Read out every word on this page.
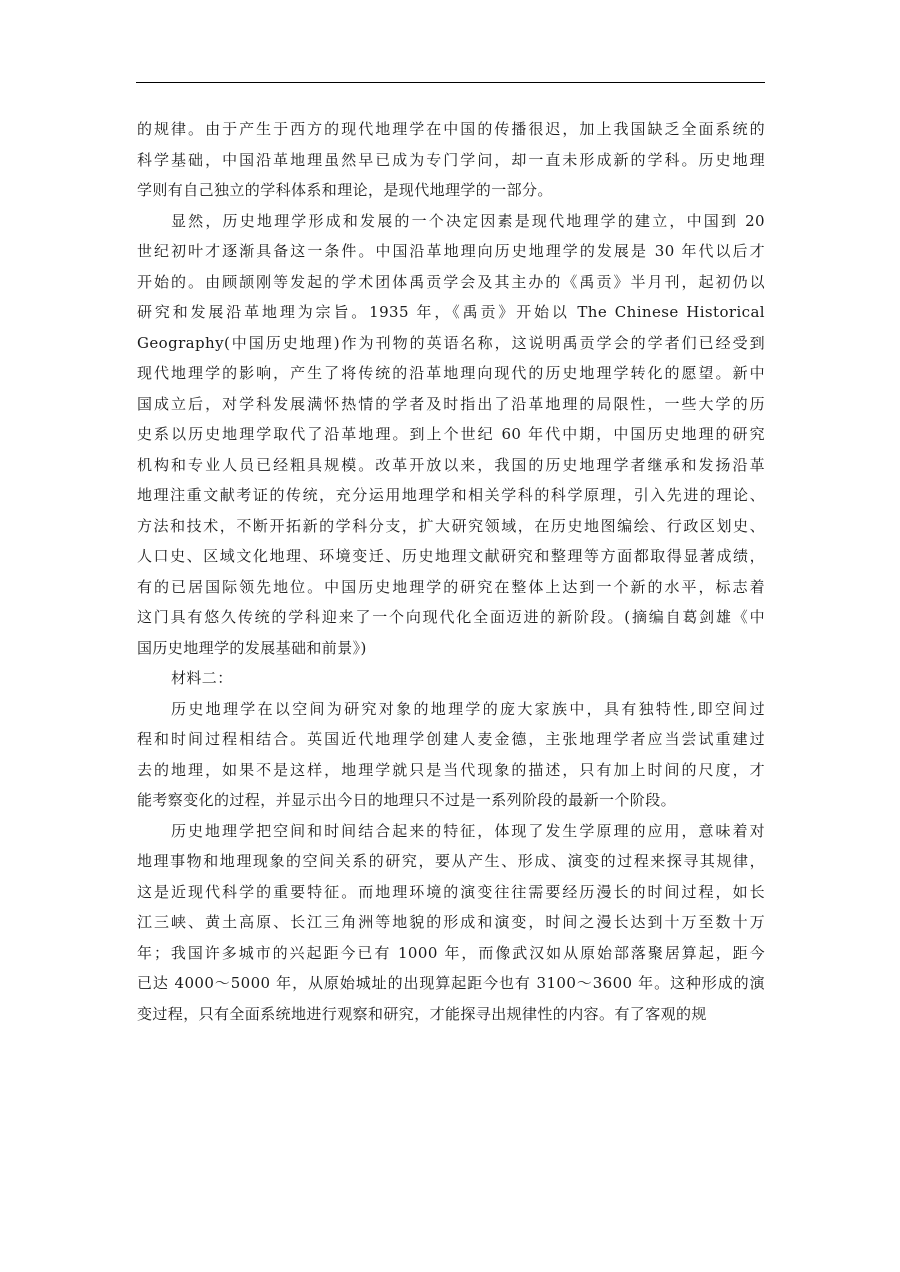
的规律。由于产生于西方的现代地理学在中国的传播很迟，加上我国缺乏全面系统的
科学基础，中国沿革地理虽然早已成为专门学问，却一直未形成新的学科。历史地理
学则有自己独立的学科体系和理论，是现代地理学的一部分。
显然，历史地理学形成和发展的一个决定因素是现代地理学的建立，中国到 20
世纪初叶才逐渐具备这一条件。中国沿革地理向历史地理学的发展是 30 年代以后才
开始的。由顾颉刚等发起的学术团体禹贡学会及其主办的《禹贡》半月刊，起初仍以
研究和发展沿革地理为宗旨。1935 年，《禹贡》开始以 The Chinese Historical
Geography(中国历史地理)作为刊物的英语名称，这说明禹贡学会的学者们已经受到
现代地理学的影响，产生了将传统的沿革地理向现代的历史地理学转化的愿望。新中
国成立后，对学科发展满怀热情的学者及时指出了沿革地理的局限性，一些大学的历
史系以历史地理学取代了沿革地理。到上个世纪 60 年代中期，中国历史地理的研究
机构和专业人员已经粗具规模。改革开放以来，我国的历史地理学者继承和发扬沿革
地理注重文献考证的传统，充分运用地理学和相关学科的科学原理，引入先进的理论、
方法和技术，不断开拓新的学科分支，扩大研究领域，在历史地图编绘、行政区划史、
人口史、区域文化地理、环境变迁、历史地理文献研究和整理等方面都取得显著成绩，
有的已居国际领先地位。中国历史地理学的研究在整体上达到一个新的水平，标志着
这门具有悠久传统的学科迎来了一个向现代化全面迈进的新阶段。(摘编自葛剑雄《中
国历史地理学的发展基础和前景》)
材料二：
历史地理学在以空间为研究对象的地理学的庞大家族中，具有独特性,即空间过
程和时间过程相结合。英国近代地理学创建人麦金德，主张地理学者应当尝试重建过
去的地理，如果不是这样，地理学就只是当代现象的描述，只有加上时间的尺度，才
能考察变化的过程，并显示出今日的地理只不过是一系列阶段的最新一个阶段。
历史地理学把空间和时间结合起来的特征，体现了发生学原理的应用，意味着对
地理事物和地理现象的空间关系的研究，要从产生、形成、演变的过程来探寻其规律，
这是近现代科学的重要特征。而地理环境的演变往往需要经历漫长的时间过程，如长
江三峡、黄土高原、长江三角洲等地貌的形成和演变，时间之漫长达到十万至数十万
年；我国许多城市的兴起距今已有 1000 年，而像武汉如从原始部落聚居算起，距今
已达 4000～5000 年，从原始城址的出现算起距今也有 3100～3600 年。这种形成的演
变过程，只有全面系统地进行观察和研究，才能探寻出规律性的内容。有了客观的规
